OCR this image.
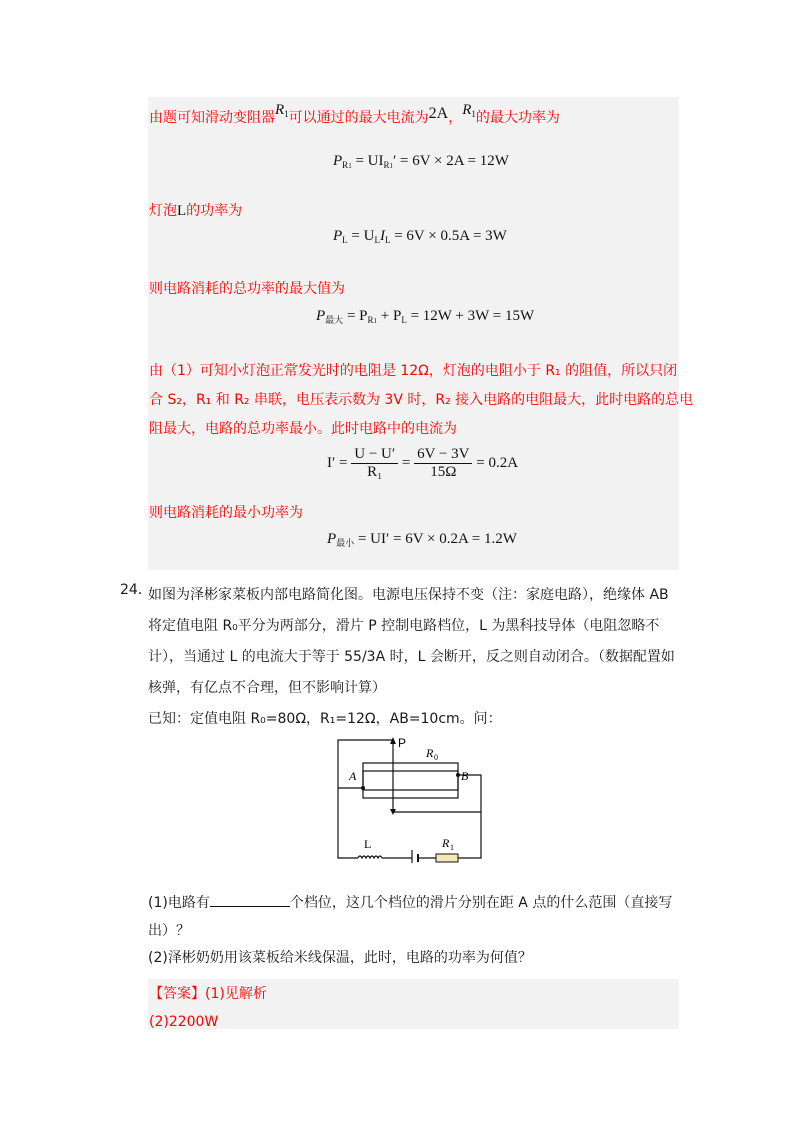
由题可知滑动变阻器$R_1$可以通过的最大电流为2A，$R_1$的最大功率为
$P_{R1} = UI_{R1}' = 6V \times 2A = 12W$
灯泡L的功率为
$P_L = U_LI_L = 6V \times 0.5A = 3W$
则电路消耗的总功率的最大值为
$P_{最大} = P_{R1} + P_L = 12W + 3W = 15W$
由（1）可知小灯泡正常发光时的电阻是 12Ω，灯泡的电阻小于 R₁ 的阻值，所以只闭
合 S₂，R₁ 和 R₂ 串联，电压表示数为 3V 时，R₂ 接入电路的电阻最大，此时电路的总电
阻最大，电路的总功率最小。此时电路中的电流为
$I' = \frac{U - U'}{\text{R₁}} = \frac{6V - 3V}{15\Omega} = 0.2A$
则电路消耗的最小功率为
$P_{最小} = UI' = 6V \times 0.2A = 1.2W$
24．
如图为泽彬家菜板内部电路简化图。电源电压保持不变（注：家庭电路），绝缘体 AB
将定值电阻 R₀平分为两部分，滑片 P 控制电路档位，L 为黑科技导体（电阻忽略不
计），当通过 L 的电流大于等于 55/3A 时，L 会断开，反之则自动闭合。（数据配置如
核弹，有亿点不合理，但不影响计算）
已知：定值电阻 R₀=80Ω，R₁=12Ω，AB=10cm。问：
P
R 0
A	B
L	R 1
(1)电路有	个档位，这几个档位的滑片分别在距 A 点的什么范围（直接写
出）？
(2)泽彬奶奶用该菜板给米线保温，此时，电路的功率为何值？
【答案】(1)见解析
(2)2200W
